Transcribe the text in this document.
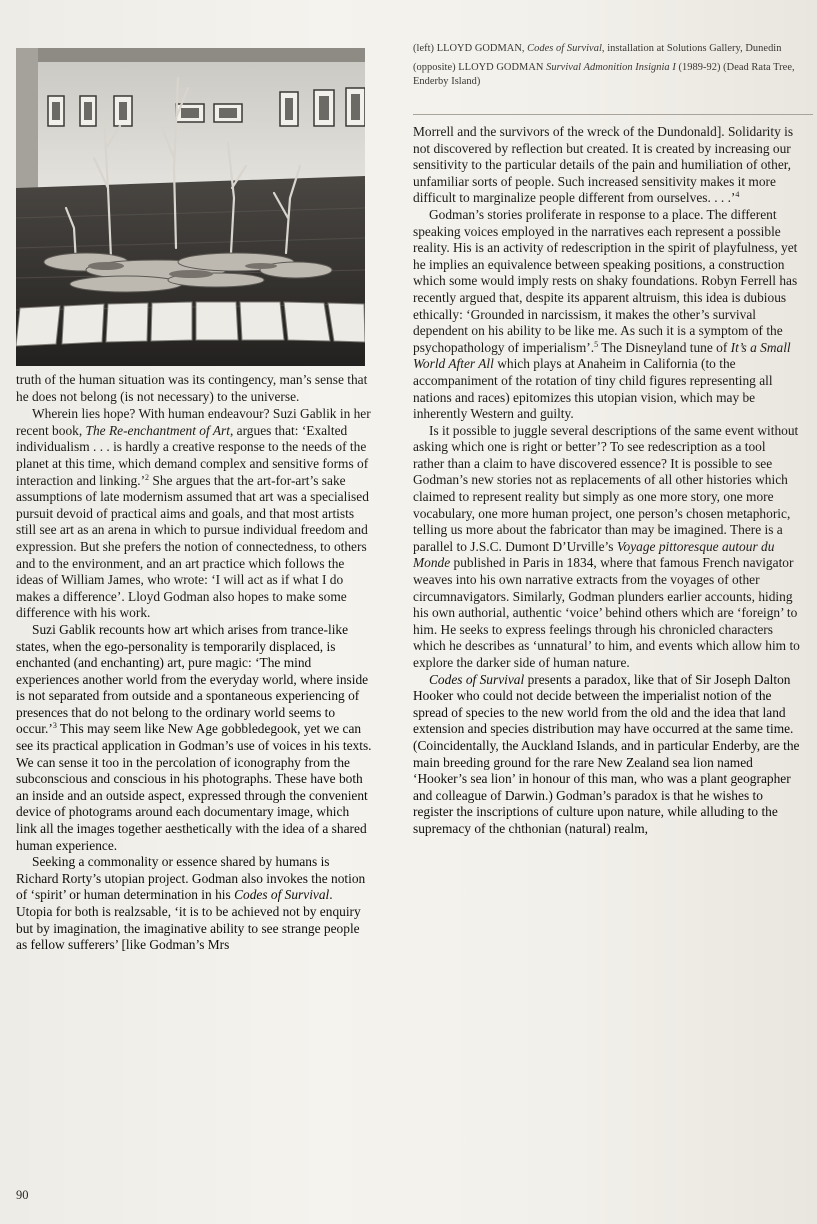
(left) LLOYD GODMAN, Codes of Survival, installation at Solutions Gallery, Dunedin
(opposite) LLOYD GODMAN Survival Admonition Insignia I (1989-92) (Dead Rata Tree, Enderby Island)

truth of the human situation was its contingency, man’s sense that he does not belong (is not necessary) to the universe.

Wherein lies hope? With human endeavour? Suzi Gablik in her recent book, The Re-enchantment of Art, argues that: ‘Exalted individualism . . . is hardly a creative response to the needs of the planet at this time, which demand complex and sensitive forms of interaction and linking.’$^2$ She argues that the art-for-art’s sake assumptions of late modernism assumed that art was a specialised pursuit devoid of practical aims and goals, and that most artists still see art as an arena in which to pursue individual freedom and expression. But she prefers the notion of connectedness, to others and to the environment, and an art practice which follows the ideas of William James, who wrote: ‘I will act as if what I do makes a difference’. Lloyd Godman also hopes to make some difference with his work.

Suzi Gablik recounts how art which arises from trance-like states, when the ego-personality is temporarily displaced, is enchanted (and enchanting) art, pure magic: ‘The mind experiences another world from the everyday world, where inside is not separated from outside and a spontaneous experiencing of presences that do not belong to the ordinary world seems to occur.’$^3$ This may seem like New Age gobbledegook, yet we can see its practical application in Godman’s use of voices in his texts. We can sense it too in the percolation of iconography from the subconscious and conscious in his photographs. These have both an inside and an outside aspect, expressed through the convenient device of photograms around each documentary image, which link all the images together aesthetically with the idea of a shared human experience.

Seeking a commonality or essence shared by humans is Richard Rorty’s utopian project. Godman also invokes the notion of ‘spirit’ or human determination in his Codes of Survival. Utopia for both is realzsable, ‘it is to be achieved not by enquiry but by imagination, the imaginative ability to see strange people as fellow sufferers’ [like Godman’s Mrs

Morrell and the survivors of the wreck of the Dundonald]. Solidarity is not discovered by reflection but created. It is created by increasing our sensitivity to the particular details of the pain and humiliation of other, unfamiliar sorts of people. Such increased sensitivity makes it more difficult to marginalize people different from ourselves. . . .’$^4$

Godman’s stories proliferate in response to a place. The different speaking voices employed in the narratives each represent a possible reality. His is an activity of redescription in the spirit of playfulness, yet he implies an equivalence between speaking positions, a construction which some would imply rests on shaky foundations. Robyn Ferrell has recently argued that, despite its apparent altruism, this idea is dubious ethically: ‘Grounded in narcissism, it makes the other’s survival dependent on his ability to be like me. As such it is a symptom of the psychopathology of imperialism’.$^5$ The Disneyland tune of It’s a Small World After All which plays at Anaheim in California (to the accompaniment of the rotation of tiny child figures representing all nations and races) epitomizes this utopian vision, which may be inherently Western and guilty.

Is it possible to juggle several descriptions of the same event without asking which one is right or better’? To see redescription as a tool rather than a claim to have discovered essence? It is possible to see Godman’s new stories not as replacements of all other histories which claimed to represent reality but simply as one more story, one more vocabulary, one more human project, one person’s chosen metaphoric, telling us more about the fabricator than may be imagined. There is a parallel to J.S.C. Dumont D’Urville’s Voyage pittoresque autour du Monde published in Paris in 1834, where that famous French navigator weaves into his own narrative extracts from the voyages of other circumnavigators. Similarly, Godman plunders earlier accounts, hiding his own authorial, authentic ‘voice’ behind others which are ‘foreign’ to him. He seeks to express feelings through his chronicled characters which he describes as ‘unnatural’ to him, and events which allow him to explore the darker side of human nature.

Codes of Survival presents a paradox, like that of Sir Joseph Dalton Hooker who could not decide between the imperialist notion of the spread of species to the new world from the old and the idea that land extension and species distribution may have occurred at the same time. (Coincidentally, the Auckland Islands, and in particular Enderby, are the main breeding ground for the rare New Zealand sea lion named ‘Hooker’s sea lion’ in honour of this man, who was a plant geographer and colleague of Darwin.) Godman’s paradox is that he wishes to register the inscriptions of culture upon nature, while alluding to the supremacy of the chthonian (natural) realm,

90
